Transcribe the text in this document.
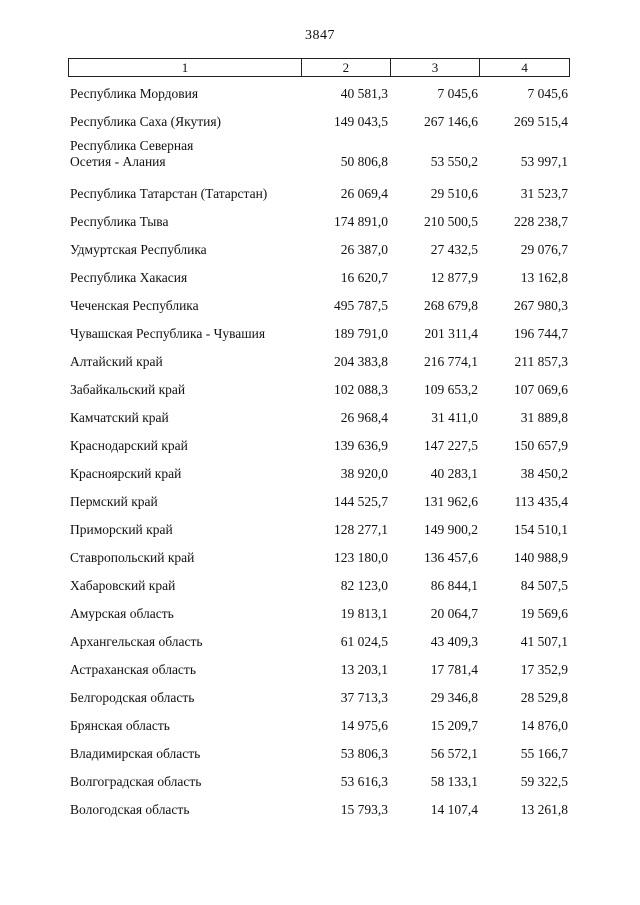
3847
1	2	3	4
Республика Мордовия	40 581,3	7 045,6	7 045,6
Республика Саха (Якутия)	149 043,5	267 146,6	269 515,4
Республика Северная
Осетия - Алания	50 806,8	53 550,2	53 997,1
Республика Татарстан (Татарстан)	26 069,4	29 510,6	31 523,7
Республика Тыва	174 891,0	210 500,5	228 238,7
Удмуртская Республика	26 387,0	27 432,5	29 076,7
Республика Хакасия	16 620,7	12 877,9	13 162,8
Чеченская Республика	495 787,5	268 679,8	267 980,3
Чувашская Республика - Чувашия	189 791,0	201 311,4	196 744,7
Алтайский край	204 383,8	216 774,1	211 857,3
Забайкальский край	102 088,3	109 653,2	107 069,6
Камчатский край	26 968,4	31 411,0	31 889,8
Краснодарский край	139 636,9	147 227,5	150 657,9
Красноярский край	38 920,0	40 283,1	38 450,2
Пермский край	144 525,7	131 962,6	113 435,4
Приморский край	128 277,1	149 900,2	154 510,1
Ставропольский край	123 180,0	136 457,6	140 988,9
Хабаровский край	82 123,0	86 844,1	84 507,5
Амурская область	19 813,1	20 064,7	19 569,6
Архангельская область	61 024,5	43 409,3	41 507,1
Астраханская область	13 203,1	17 781,4	17 352,9
Белгородская область	37 713,3	29 346,8	28 529,8
Брянская область	14 975,6	15 209,7	14 876,0
Владимирская область	53 806,3	56 572,1	55 166,7
Волгоградская область	53 616,3	58 133,1	59 322,5
Вологодская область	15 793,3	14 107,4	13 261,8
